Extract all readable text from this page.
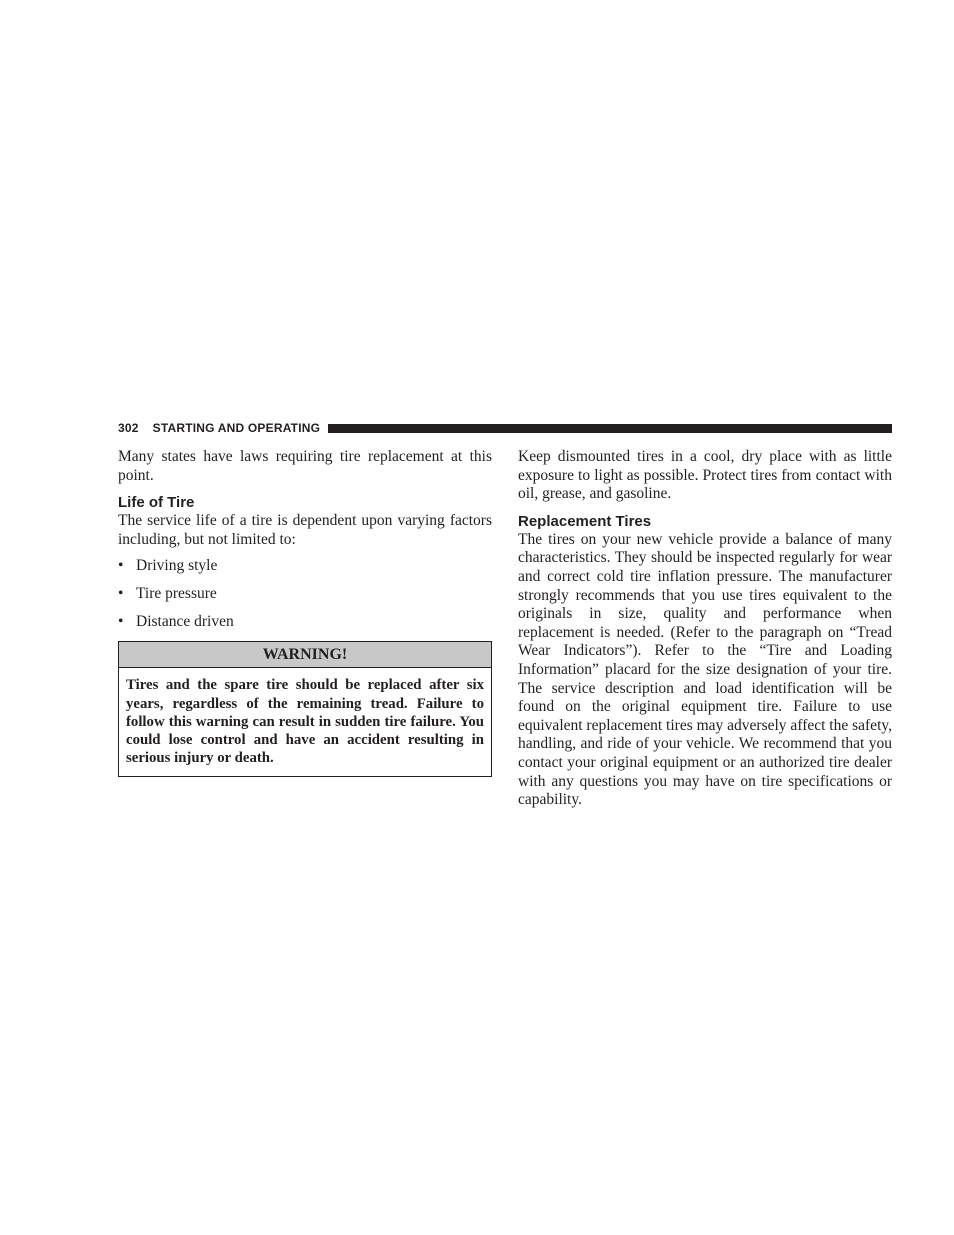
302 STARTING AND OPERATING

Many states have laws requiring tire replacement at this point.

Life of Tire

The service life of a tire is dependent upon varying factors including, but not limited to:

• Driving style
• Tire pressure
• Distance driven
WARNING!
Tires and the spare tire should be replaced after six years, regardless of the remaining tread. Failure to follow this warning can result in sudden tire failure. You could lose control and have an accident resulting in serious injury or death.

Keep dismounted tires in a cool, dry place with as little exposure to light as possible. Protect tires from contact with oil, grease, and gasoline.

Replacement Tires

The tires on your new vehicle provide a balance of many characteristics. They should be inspected regularly for wear and correct cold tire inflation pressure. The manufacturer strongly recommends that you use tires equivalent to the originals in size, quality and performance when replacement is needed. (Refer to the paragraph on “Tread Wear Indicators”). Refer to the “Tire and Loading Information” placard for the size designation of your tire. The service description and load identification will be found on the original equipment tire. Failure to use equivalent replacement tires may adversely affect the safety, handling, and ride of your vehicle. We recommend that you contact your original equipment or an authorized tire dealer with any questions you may have on tire specifications or capability.
